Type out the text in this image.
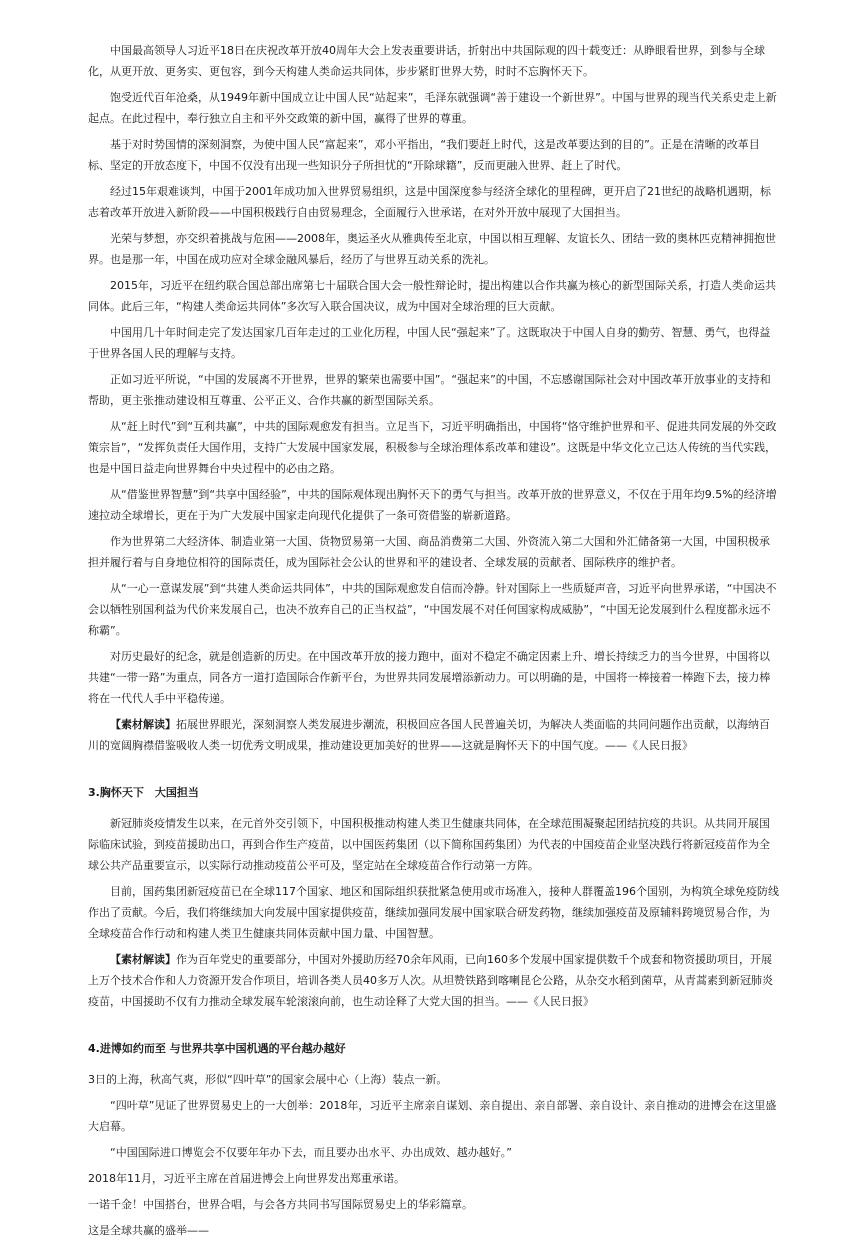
中国最高领导人习近平18日在庆祝改革开放40周年大会上发表重要讲话，折射出中共国际观的四十载变迁：从睁眼看世界，到参与全球化，从更开放、更务实、更包容，到今天构建人类命运共同体，步步紧盯世界大势，时时不忘胸怀天下。

饱受近代百年沧桑，从1949年新中国成立让中国人民“站起来”，毛泽东就强调“善于建设一个新世界”。中国与世界的现当代关系史走上新起点。在此过程中，奉行独立自主和平外交政策的新中国，赢得了世界的尊重。

基于对时势国情的深刻洞察，为使中国人民“富起来”，邓小平指出，“我们要赶上时代，这是改革要达到的目的”。正是在清晰的改革目标、坚定的开放态度下，中国不仅没有出现一些知识分子所担忧的“开除球籍”，反而更融入世界、赶上了时代。

经过15年艰难谈判，中国于2001年成功加入世界贸易组织，这是中国深度参与经济全球化的里程碑，更开启了21世纪的战略机遇期，标志着改革开放进入新阶段——中国积极践行自由贸易理念，全面履行入世承诺，在对外开放中展现了大国担当。

光荣与梦想，亦交织着挑战与危困——2008年，奥运圣火从雅典传至北京，中国以相互理解、友谊长久、团结一致的奥林匹克精神拥抱世界。也是那一年，中国在成功应对全球金融风暴后，经历了与世界互动关系的洗礼。

2015年，习近平在纽约联合国总部出席第七十届联合国大会一般性辩论时，提出构建以合作共赢为核心的新型国际关系，打造人类命运共同体。此后三年，“构建人类命运共同体”多次写入联合国决议，成为中国对全球治理的巨大贡献。

中国用几十年时间走完了发达国家几百年走过的工业化历程，中国人民“强起来”了。这既取决于中国人自身的勤劳、智慧、勇气，也得益于世界各国人民的理解与支持。

正如习近平所说，“中国的发展离不开世界，世界的繁荣也需要中国”。“强起来”的中国，不忘感谢国际社会对中国改革开放事业的支持和帮助，更主张推动建设相互尊重、公平正义、合作共赢的新型国际关系。

从“赶上时代”到“互利共赢”，中共的国际观愈发有担当。立足当下，习近平明确指出，中国将“恪守维护世界和平、促进共同发展的外交政策宗旨”，“发挥负责任大国作用，支持广大发展中国家发展，积极参与全球治理体系改革和建设”。这既是中华文化立己达人传统的当代实践，也是中国日益走向世界舞台中央过程中的必由之路。

从“借鉴世界智慧”到“共享中国经验”，中共的国际观体现出胸怀天下的勇气与担当。改革开放的世界意义，不仅在于用年均9.5%的经济增速拉动全球增长，更在于为广大发展中国家走向现代化提供了一条可资借鉴的崭新道路。

作为世界第二大经济体、制造业第一大国、货物贸易第一大国、商品消费第二大国、外资流入第二大国和外汇储备第一大国，中国积极承担并履行着与自身地位相符的国际责任，成为国际社会公认的世界和平的建设者、全球发展的贡献者、国际秩序的维护者。

从“一心一意谋发展”到“共建人类命运共同体”，中共的国际观愈发自信而冷静。针对国际上一些质疑声音，习近平向世界承诺，“中国决不会以牺牲别国利益为代价来发展自己，也决不放弃自己的正当权益”，“中国发展不对任何国家构成威胁”，“中国无论发展到什么程度都永远不称霸”。

对历史最好的纪念，就是创造新的历史。在中国改革开放的接力跑中，面对不稳定不确定因素上升、增长持续乏力的当今世界，中国将以共建“一带一路”为重点，同各方一道打造国际合作新平台，为世界共同发展增添新动力。可以明确的是，中国将一棒接着一棒跑下去，接力棒将在一代代人手中平稳传递。

【素材解读】拓展世界眼光，深刻洞察人类发展进步潮流，积极回应各国人民普遍关切，为解决人类面临的共同问题作出贡献，以海纳百川的宽阔胸襟借鉴吸收人类一切优秀文明成果，推动建设更加美好的世界——这就是胸怀天下的中国气度。——《人民日报》

3.胸怀天下　大国担当

新冠肺炎疫情发生以来，在元首外交引领下，中国积极推动构建人类卫生健康共同体，在全球范围凝聚起团结抗疫的共识。从共同开展国际临床试验，到疫苗援助出口，再到合作生产疫苗，以中国医药集团（以下简称国药集团）为代表的中国疫苗企业坚决践行将新冠疫苗作为全球公共产品重要宣示，以实际行动推动疫苗公平可及，坚定站在全球疫苗合作行动第一方阵。

目前，国药集团新冠疫苗已在全球117个国家、地区和国际组织获批紧急使用或市场准入，接种人群覆盖196个国别，为构筑全球免疫防线作出了贡献。今后，我们将继续加大向发展中国家提供疫苗，继续加强同发展中国家联合研发药物，继续加强疫苗及原辅料跨境贸易合作，为全球疫苗合作行动和构建人类卫生健康共同体贡献中国力量、中国智慧。

【素材解读】作为百年党史的重要部分，中国对外援助历经70余年风雨，已向160多个发展中国家提供数千个成套和物资援助项目，开展上万个技术合作和人力资源开发合作项目，培训各类人员40多万人次。从坦赞铁路到喀喇昆仑公路，从杂交水稻到菌草，从青蒿素到新冠肺炎疫苗，中国援助不仅有力推动全球发展车轮滚滚向前，也生动诠释了大党大国的担当。——《人民日报》

4.进博如约而至 与世界共享中国机遇的平台越办越好

3日的上海，秋高气爽，形似“四叶草”的国家会展中心（上海）装点一新。

“四叶草”见证了世界贸易史上的一大创举：2018年，习近平主席亲自谋划、亲自提出、亲自部署、亲自设计、亲自推动的进博会在这里盛大启幕。

“中国国际进口博览会不仅要年年办下去，而且要办出水平、办出成效、越办越好。”

2018年11月，习近平主席在首届进博会上向世界发出郑重承诺。

一诺千金！中国搭台，世界合唱，与会各方共同书写国际贸易史上的华彩篇章。

这是全球共赢的盛举——
